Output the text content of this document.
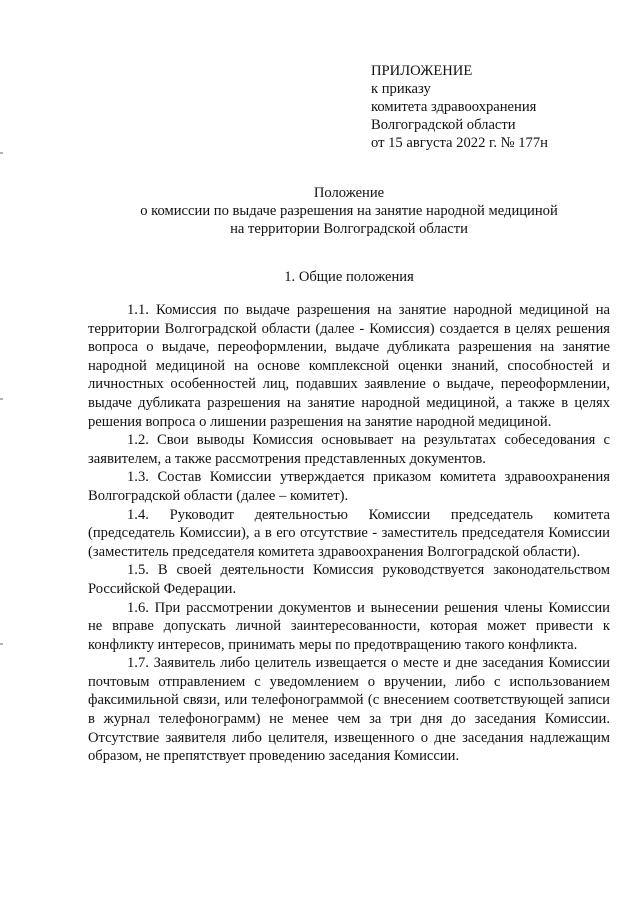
ПРИЛОЖЕНИЕ
к приказу
комитета здравоохранения
Волгоградской области
от 15 августа 2022 г. № 177н
Положение
о комиссии по выдаче разрешения на занятие народной медициной
на территории Волгоградской области
1. Общие положения

1.1. Комиссия по выдаче разрешения на занятие народной медициной на территории Волгоградской области (далее - Комиссия) создается в целях решения вопроса о выдаче, переоформлении, выдаче дубликата разрешения на занятие народной медициной на основе комплексной оценки знаний, способностей и личностных особенностей лиц, подавших заявление о выдаче, переоформлении, выдаче дубликата разрешения на занятие народной медициной, а также в целях решения вопроса о лишении разрешения на занятие народной медициной.

1.2. Свои выводы Комиссия основывает на результатах собеседования с заявителем, а также рассмотрения представленных документов.

1.3. Состав Комиссии утверждается приказом комитета здравоохранения Волгоградской области (далее – комитет).

1.4. Руководит деятельностью Комиссии председатель комитета (председатель Комиссии), а в его отсутствие - заместитель председателя Комиссии (заместитель председателя комитета здравоохранения Волгоградской области).

1.5. В своей деятельности Комиссия руководствуется законодательством Российской Федерации.

1.6. При рассмотрении документов и вынесении решения члены Комиссии не вправе допускать личной заинтересованности, которая может привести к конфликту интересов, принимать меры по предотвращению такого конфликта.

1.7. Заявитель либо целитель извещается о месте и дне заседания Комиссии почтовым отправлением с уведомлением о вручении, либо с использованием факсимильной связи, или телефонограммой (с внесением соответствующей записи в журнал телефонограмм) не менее чем за три дня до заседания Комиссии. Отсутствие заявителя либо целителя, извещенного о дне заседания надлежащим образом, не препятствует проведению заседания Комиссии.
